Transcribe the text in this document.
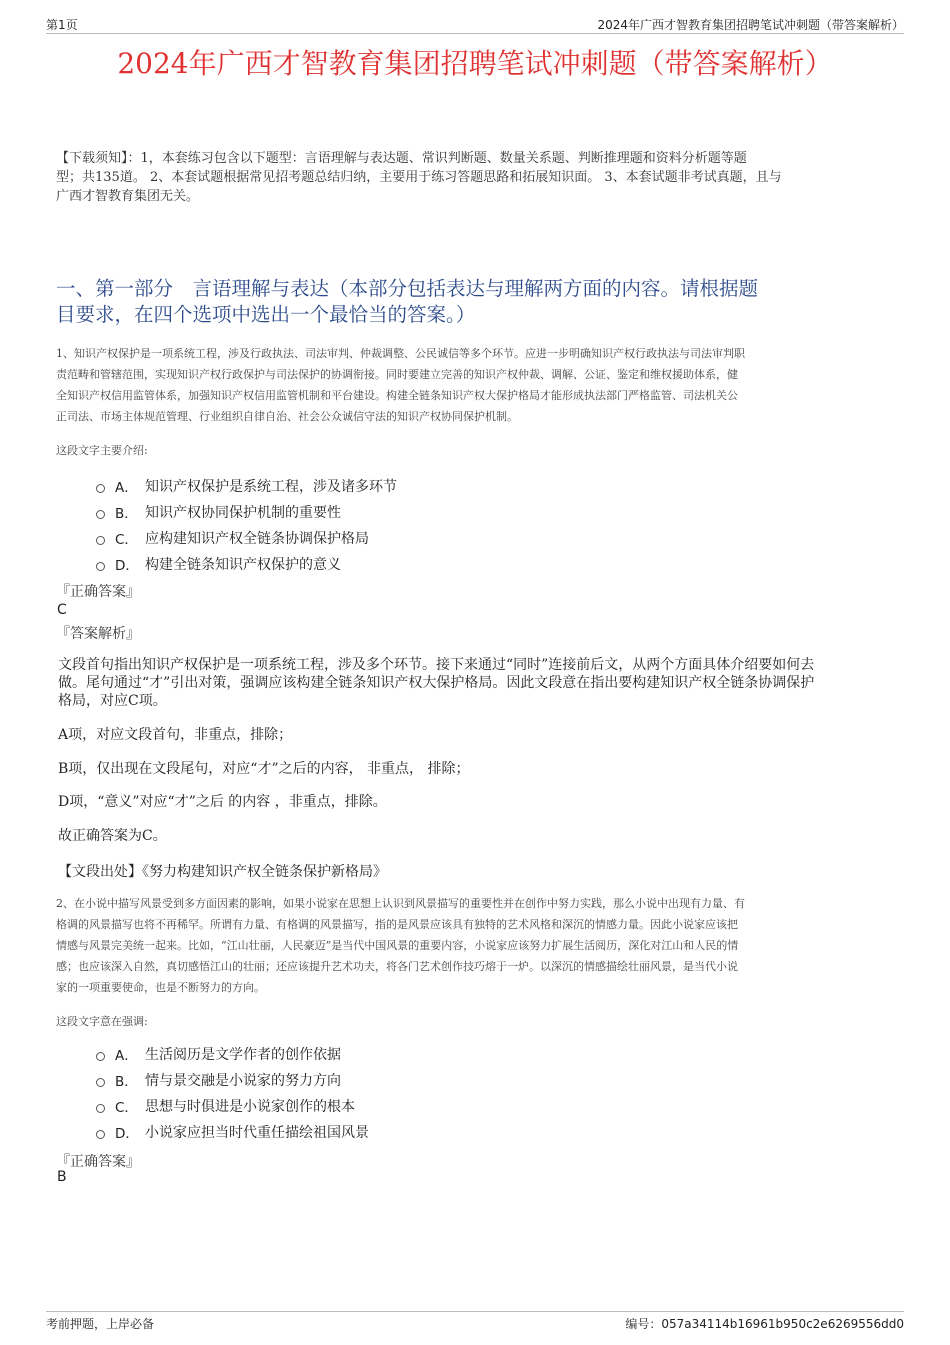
第1页	2024年广西才智教育集团招聘笔试冲刺题（带答案解析）
2024年广西才智教育集团招聘笔试冲刺题（带答案解析）
【下载须知】：1，本套练习包含以下题型：言语理解与表达题、常识判断题、数量关系题、判断推理题和资料分析题等题
型；共135道。 2、本套试题根据常见招考题总结归纳，主要用于练习答题思路和拓展知识面。 3、本套试题非考试真题，且与
广西才智教育集团无关。
一、第一部分　言语理解与表达（本部分包括表达与理解两方面的内容。请根据题
目要求，在四个选项中选出一个最恰当的答案。）
1、知识产权保护是一项系统工程，涉及行政执法、司法审判、仲裁调整、公民诚信等多个环节。应进一步明确知识产权行政执法与司法审判职
责范畴和管辖范围，实现知识产权行政保护与司法保护的协调衔接。同时要建立完善的知识产权仲裁、调解、公证、鉴定和维权援助体系，健
全知识产权信用监管体系，加强知识产权信用监管机制和平台建设。构建全链条知识产权大保护格局才能形成执法部门严格监管、司法机关公
正司法、市场主体规范管理、行业组织自律自治、社会公众诚信守法的知识产权协同保护机制。
这段文字主要介绍:
A． 知识产权保护是系统工程，涉及诸多环节
B． 知识产权协同保护机制的重要性
C． 应构建知识产权全链条协调保护格局
D． 构建全链条知识产权保护的意义
『正确答案』
C
『答案解析』
文段首句指出知识产权保护是一项系统工程，涉及多个环节。接下来通过“同时”连接前后文，从两个方面具体介绍要如何去
做。尾句通过“才”引出对策，强调应该构建全链条知识产权大保护格局。因此文段意在指出要构建知识产权全链条协调保护
格局，对应C项。
A项，对应文段首句，非重点，排除；
B项，仅出现在文段尾句，对应“才”之后的内容， 非重点， 排除；
D项，“意义”对应“才”之后 的内容 ，非重点，排除。
故正确答案为C。
【文段出处】《努力构建知识产权全链条保护新格局》
2、在小说中描写风景受到多方面因素的影响，如果小说家在思想上认识到风景描写的重要性并在创作中努力实践，那么小说中出现有力量、有
格调的风景描写也将不再稀罕。所谓有力量、有格调的风景描写，指的是风景应该具有独特的艺术风格和深沉的情感力量。因此小说家应该把
情感与风景完美统一起来。比如，“江山壮丽，人民豪迈”是当代中国风景的重要内容，小说家应该努力扩展生活阅历，深化对江山和人民的情
感；也应该深入自然，真切感悟江山的壮丽；还应该提升艺术功夫，将各门艺术创作技巧熔于一炉。以深沉的情感描绘壮丽风景，是当代小说
家的一项重要使命，也是不断努力的方向。
这段文字意在强调:
A． 生活阅历是文学作者的创作依据
B． 情与景交融是小说家的努力方向
C． 思想与时俱进是小说家创作的根本
D． 小说家应担当时代重任描绘祖国风景
『正确答案』
B
考前押题，上岸必备	编号：057a34114b16961b950c2e6269556dd0
